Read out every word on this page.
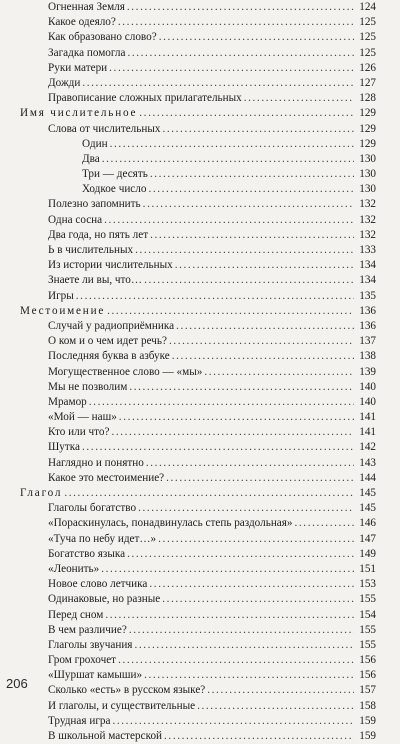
Огненная Земля .....	124
Какое одеяло? .....	125
Как образовано слово? .....	125
Загадка помогла .....	125
Руки матери .....	126
Дожди .....	127
Правописание сложных прилагательных .....	128
Имя числительное .....	129
Слова от числительных .....	129
Один .....	129
Два .....	130
Три — десять .....	130
Ходкое число .....	130
Полезно запомнить .....	132
Одна сосна .....	132
Два года, но пять лет .....	132
Ь в числительных .....	133
Из истории числительных .....	134
Знаете ли вы, что… .....	134
Игры .....	135
Местоимение .....	136
Случай у радиоприёмника .....	136
О ком и о чем идет речь? .....	137
Последняя буква в азбуке .....	138
Могущественное слово — «мы» .....	139
Мы не позволим .....	140
Мрамор .....	140
«Мой — наш» .....	141
Кто или что? .....	141
Шутка .....	142
Наглядно и понятно .....	143
Какое это местоимение? .....	144
Глагол .....	145
Глаголы богатство .....	145
«Пораскинулась, понадвинулась степь раздольная» .....	146
«Туча по небу идет…» .....	147
Богатство языка .....	149
«Леонить» .....	151
Новое слово летчика .....	153
Одинаковые, но разные .....	155
Перед сном .....	154
В чем различие? .....	155
Глаголы звучания .....	155
Гром грохочет .....	156
«Шуршат камыши» .....	156
Сколько «есть» в русском языке? .....	157
И глаголы, и существительные .....	158
Трудная игра .....	159
В школьной мастерской .....	159
206
